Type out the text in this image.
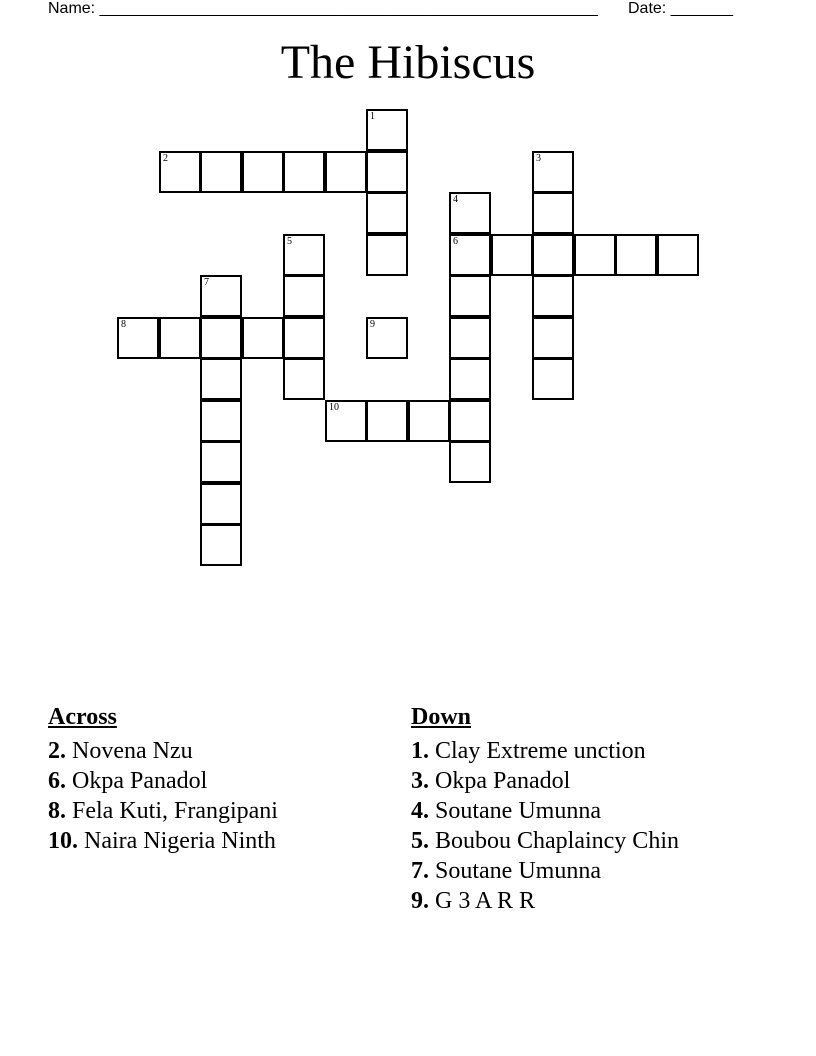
Name: ________________________________________________________ Date: _______
The Hibiscus
1
2	3
4
5	6
7
8	9
10
Across
2. Novena Nzu
6. Okpa Panadol
8. Fela Kuti, Frangipani
10. Naira Nigeria Ninth
Down
1. Clay Extreme unction
3. Okpa Panadol
4. Soutane Umunna
5. Boubou Chaplaincy Chin
7. Soutane Umunna
9. G 3 A R R
